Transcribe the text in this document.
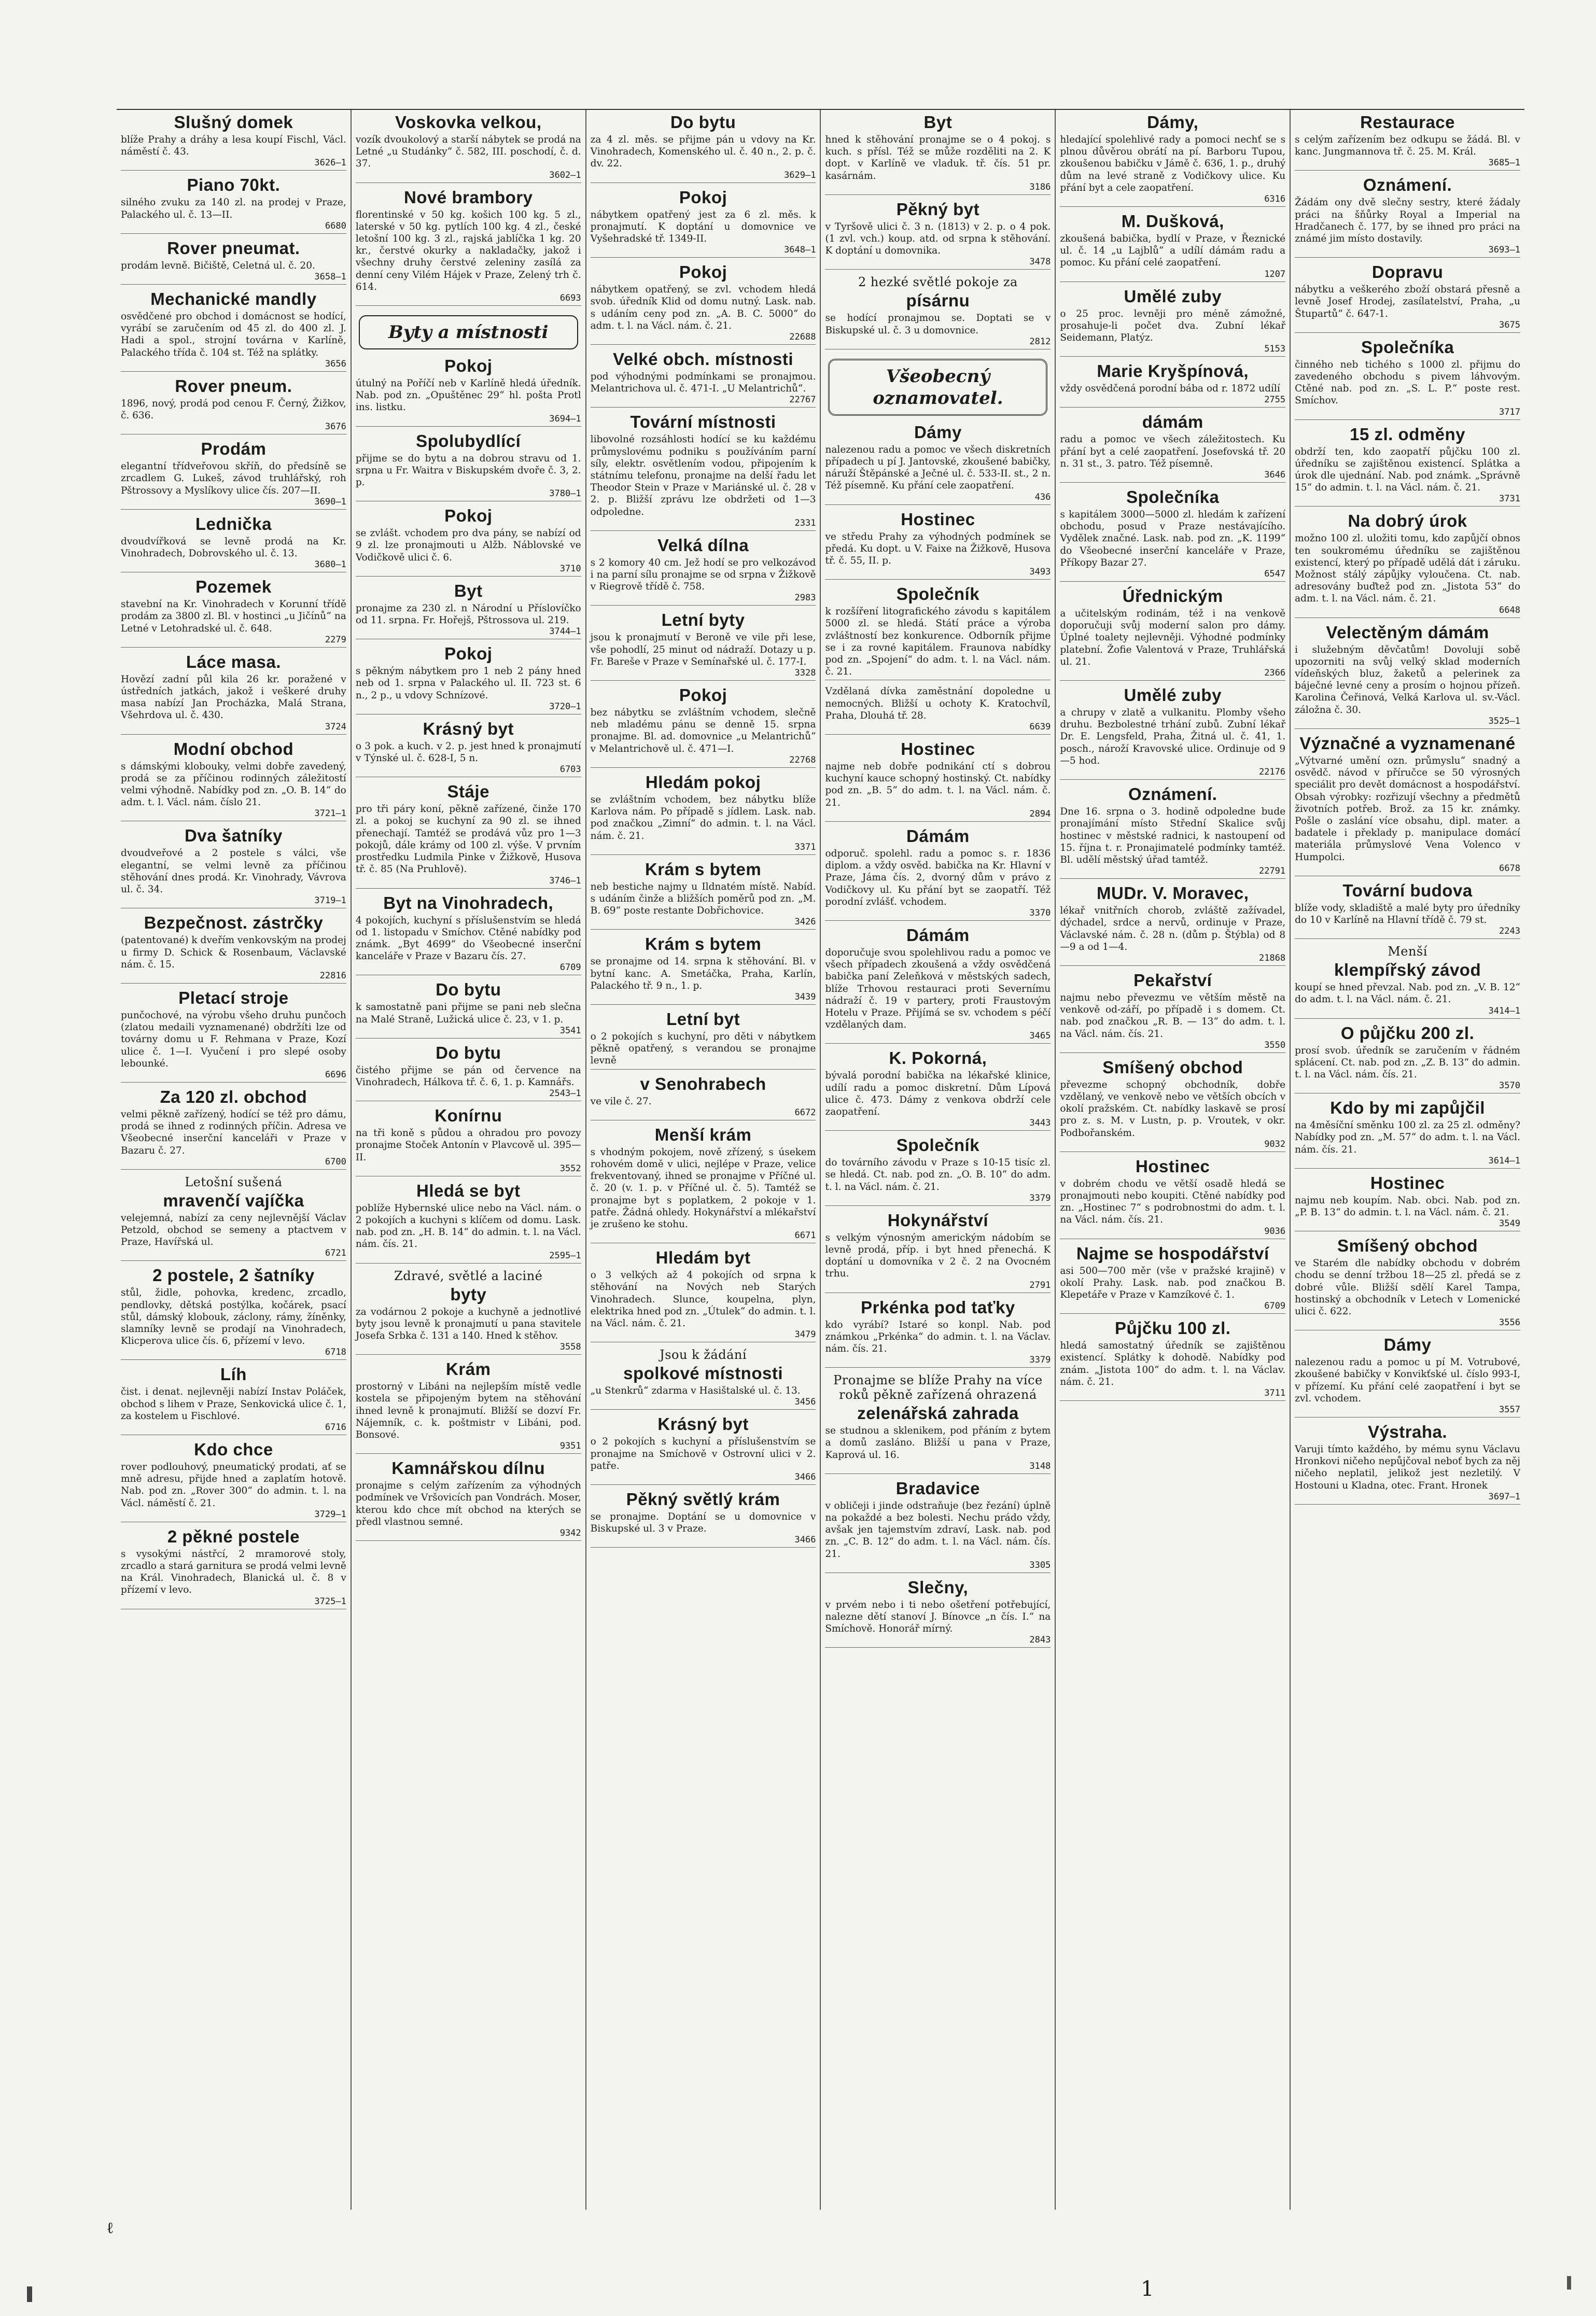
Slušný domek

blíže Prahy a dráhy a lesa koupí Fischl, Václ. náměstí č. 43.

3626—1

Piano 70kt.

silného zvuku za 140 zl. na prodej v Praze, Palackého ul. č. 13—II.

6680

Rover pneumat.

prodám levně. Bičiště, Celetná ul. č. 20.

3658—1

Mechanické mandly

osvědčené pro obchod i domácnost se hodící, vyrábí se zaručením od 45 zl. do 400 zl. J. Hadi a spol., strojní továrna v Karlíně, Palackého třída č. 104 st. Též na splátky.

3656

Rover pneum.

1896, nový, prodá pod cenou F. Černý, Žižkov, č. 636.

3676

Prodám

elegantní třídveřovou skříň, do předsíně se zrcadlem G. Lukeš, závod truhlářský, roh Pštrossovy a Myslíkovy ulice čís. 207—II.

3690—1

Lednička

dvoudvířková se levně prodá na Kr. Vinohradech, Dobrovského ul. č. 13.

3680—1

Pozemek

stavební na Kr. Vinohradech v Korunní třídě prodám za 3800 zl. Bl. v hostinci „u Jičínů“ na Letné v Letohradské ul. č. 648.

2279

Láce masa.

Hovězí zadní půl kila 26 kr. poražené v ústředních jatkách, jakož i veškeré druhy masa nabízí Jan Procházka, Malá Strana, Všehrdova ul. č. 430.

3724

Modní obchod

s dámskými klobouky, velmi dobře zavedený, prodá se za příčinou rodinných záležitostí velmi výhodně. Nabídky pod zn. „O. B. 14“ do adm. t. l. Václ. nám. číslo 21.

3721—1

Dva šatníky

dvoudveřové a 2 postele s válci, vše elegantní, se velmi levně za příčinou stěhování dnes prodá. Kr. Vinohrady, Vávrova ul. č. 34.

3719—1

Bezpečnost. zástrčky

(patentované) k dveřím venkovským na prodej u firmy D. Schick & Rosenbaum, Václavské nám. č. 15.

22816

Pletací stroje

punčochové, na výrobu všeho druhu punčoch (zlatou medaili vyznamenané) obdržíti lze od továrny domu u F. Rehmana v Praze, Kozí ulice č. 1—I. Vyučení i pro slepé osoby lebounké.

6696

Za 120 zl. obchod

velmi pěkně zařízený, hodící se též pro dámu, prodá se ihned z rodinných příčin. Adresa ve Všeobecné inserční kanceláři v Praze v Bazaru č. 27.

6700

Letošní sušená
mravenčí vajíčka

velejemná, nabízí za ceny nejlevnější Václav Petzold, obchod se semeny a ptactvem v Praze, Havířská ul.

6721

2 postele, 2 šatníky

stůl, židle, pohovka, kredenc, zrcadlo, pendlovky, dětská postýlka, kočárek, psací stůl, dámský klobouk, záclony, rámy, žíněnky, slamníky levně se prodají na Vinohradech, Klicperova ulice čís. 6, přízemí v levo.

6718

Líh

čist. i denat. nejlevněji nabízí Instav Poláček, obchod s lihem v Praze, Senkovická ulice č. 1, za kostelem u Fischlové.

6716

Kdo chce

rover podlouhový, pneumatický prodati, ať se mně adresu, přijde hned a zaplatím hotově. Nab. pod zn. „Rover 300“ do admin. t. l. na Václ. náměstí č. 21.

3729—1

2 pěkné postele

s vysokými nástřcí, 2 mramorové stoly, zrcadlo a stará garnitura se prodá velmi levně na Král. Vinohradech, Blanická ul. č. 8 v přízemí v levo.

3725—1

Voskovka velkou,

vozík dvoukolový a starší nábytek se prodá na Letné „u Studánky“ č. 582, III. poschodí, č. d. 37.

3602—1

Nové brambory

florentinské v 50 kg. košich 100 kg. 5 zl., laterské v 50 kg. pytlích 100 kg. 4 zl., české letošní 100 kg. 3 zl., rajská jablíčka 1 kg. 20 kr., čerstvé okurky a nakladačky, jakož i všechny druhy čerstvé zeleniny zasílá za denní ceny Vilém Hájek v Praze, Zelený trh č. 614.

6693

Byty a místnosti
Pokoj

útulný na Poříčí neb v Karlíně hledá úředník. Nab. pod zn. „Opuštěnec 29“ hl. pošta Protl ins. listku.

3694—1

Spolubydlící

přijme se do bytu a na dobrou stravu od 1. srpna u Fr. Waitra v Biskupském dvoře č. 3, 2. p.

3780—1

Pokoj

se zvlášt. vchodem pro dva pány, se nabízí od 9 zl. lze pronajmouti u Alžb. Náblovské ve Vodičkově ulici č. 6.

3710

Byt

pronajme za 230 zl. n Národní u Příslovíčko od 11. srpna. Fr. Hořejš, Pštrossova ul. 219.

3744—1

Pokoj

s pěkným nábytkem pro 1 neb 2 pány hned neb od 1. srpna v Palackého ul. II. 723 st. 6 n., 2 p., u vdovy Schnízové.

3720—1

Krásný byt

o 3 pok. a kuch. v 2. p. jest hned k pronajmutí v Týnské ul. č. 628-I, 5 n.

6703

Stáje

pro tři páry koní, pěkně zařízené, činže 170 zl. a pokoj se kuchyní za 90 zl. se ihned přenechají. Tamtéž se prodává vůz pro 1—3 pokojů, dále krámy od 100 zl. výše. V prvním prostředku Ludmila Pinke v Žižkově, Husova tř. č. 85 (Na Pruhlově).

3746—1

Byt na Vinohradech,

4 pokojích, kuchyní s příslušenstvím se hledá od 1. listopadu v Smíchov. Ctěné nabídky pod známk. „Byt 4699“ do Všeobecné inserční kanceláře v Praze v Bazaru čís. 27.

6709

Do bytu

k samostatně pani přijme se pani neb slečna na Malé Straně, Lužická ulice č. 23, v 1. p.

3541

Do bytu

čistého přijme se pán od července na Vinohradech, Hálkova tř. č. 6, 1. p. Kamnářs.

2543—1

Konírnu

na tři koně s půdou a ohradou pro povozy pronajme Stoček Antonín v Plavcově ul. 395—II.

3552

Hledá se byt

poblíže Hybernské ulice nebo na Václ. nám. o 2 pokojích a kuchyni s klíčem od domu. Lask. nab. pod zn. „H. B. 14“ do admin. t. l. na Václ. nám. čís. 21.

2595—1

Zdravé, světlé a laciné
byty

za vodárnou 2 pokoje a kuchyně a jednotlivé byty jsou levně k pronajmutí u pana stavitele Josefa Srbka č. 131 a 140. Hned k stěhov.

3558

Krám

prostorný v Libáni na nejlepším místě vedle kostela se připojeným bytem na stěhování ihned levně k pronajmutí. Bližší se dozví Fr. Nájemník, c. k. poštmistr v Libáni, pod. Bonsové.

9351

Kamnářskou dílnu

pronajme s celým zařízením za výhodných podmínek ve Vršovicích pan Vondrách. Moser, kterou kdo chce mít obchod na kterých se předl vlastnou semné.

9342

Do bytu

za 4 zl. měs. se přijme pán u vdovy na Kr. Vinohradech, Komenského ul. č. 40 n., 2. p. č. dv. 22.

3629—1

Pokoj

nábytkem opatřený jest za 6 zl. měs. k pronajmutí. K doptání u domovnice ve Vyšehradské tř. 1349-II.

3648—1

Pokoj

nábytkem opatřený, se zvl. vchodem hledá svob. úředník Klid od domu nutný. Lask. nab. s udáním ceny pod zn. „A. B. C. 5000“ do adm. t. l. na Václ. nám. č. 21.

22688

Velké obch. místnosti

pod výhodnými podmínkami se pronajmou. Melantrichova ul. č. 471-I. „U Melantrichů“.

22767

Tovární místnosti

libovolné rozsáhlosti hodící se ku každému průmyslovému podniku s používáním parní síly, elektr. osvětlením vodou, připojením k státnímu telefonu, pronajme na delší řadu let Theodor Stein v Praze v Mariánské ul. č. 28 v 2. p. Bližší zprávu lze obdržeti od 1—3 odpoledne.

2331

Velká dílna

s 2 komory 40 cm. Jež hodí se pro velkozávod i na parní sílu pronajme se od srpna v Žižkově v Riegrově třídě č. 758.

2983

Letní byty

jsou k pronajmutí v Beroně ve vile při lese, vše pohodlí, 25 minut od nádraží. Dotazy u p. Fr. Bareše v Praze v Semínařské ul. č. 177-I.

3328

Pokoj

bez nábytku se zvláštním vchodem, slečně neb mladému pánu se denně 15. srpna pronajme. Bl. ad. domovnice „u Melantrichů“ v Melantrichově ul. č. 471—I.

22768

Hledám pokoj

se zvláštním vchodem, bez nábytku blíže Karlova nám. Po případě s jídlem. Lask. nab. pod značkou „Zimní“ do admin. t. l. na Václ. nám. č. 21.

3371

Krám s bytem

neb bestiche najmy u Ildnatém místě. Nabíd. s udáním činže a bližších poměrů pod zn. „M. B. 69“ poste restante Dobřichovice.

3426

Krám s bytem

se pronajme od 14. srpna k stěhování. Bl. v bytní kanc. A. Smetáčka, Praha, Karlín, Palackého tř. 9 n., 1. p.

3439

Letní byt

o 2 pokojích s kuchyní, pro děti v nábytkem pěkně opatřený, s verandou se pronajme levně

v Senohrabech

ve vile č. 27.

6672

Menší krám

s vhodným pokojem, nově zřízený, s úsekem rohovém domě v ulici, nejlépe v Praze, velice frekventovaný, ihned se pronajme v Příčné ul. č. 20 (v. 1. p. v Příčné ul. č. 5). Tamtéž se pronajme byt s poplatkem, 2 pokoje v 1. patře. Žádná ohledy. Hokynářství a mlékařství je zrušeno ke stohu.

6671

Hledám byt

o 3 velkých až 4 pokojích od srpna k stěhování na Nových neb Starých Vinohradech. Slunce, koupelna, plyn, elektrika hned pod zn. „Útulek“ do admin. t. l. na Václ. nám. č. 21.

3479

Jsou k žádání
spolkové místnosti

„u Stenkrů“ zdarma v Hasištalské ul. č. 13.

3456

Krásný byt

o 2 pokojích s kuchyní a příslušenstvím se pronajme na Smíchově v Ostrovní ulici v 2. patře.

3466

Pěkný světlý krám

se pronajme. Doptání se u domovnice v Biskupské ul. 3 v Praze.

3466

Byt

hned k stěhování pronajme se o 4 pokoj. s kuch. s přísl. Též se může rozděliti na 2. K dopt. v Karlíně ve vladuk. tř. čís. 51 pr. kasárnám.

3186

Pěkný byt

v Tyršově ulici č. 3 n. (1813) v 2. p. o 4 pok. (1 zvl. vch.) koup. atd. od srpna k stěhování. K doptání u domovnika.

3478

2 hezké světlé pokoje za
písárnu

se hodící pronajmou se. Doptati se v Biskupské ul. č. 3 u domovnice.

2812

Všeobecný oznamovatel.
Dámy

nalezenou radu a pomoc ve všech diskretních případech u pí J. Jantovské, zkoušené babičky, náruží Štěpánské a Ječné ul. č. 533-II. st., 2 n. Též písemně. Ku přání cele zaopatření.

436

Hostinec

ve středu Prahy za výhodných podmínek se předá. Ku dopt. u V. Faixe na Žižkově, Husova tř. č. 55, II. p.

3493

Společník

k rozšíření litografického závodu s kapitálem 5000 zl. se hledá. Státí práce a výroba zvláštností bez konkurence. Odborník přijme se i za rovné kapitálem. Fraunova nabídky pod zn. „Spojení“ do adm. t. l. na Václ. nám. č. 21.

Vzdělaná dívka zaměstnání dopoledne u nemocných. Bližší u ochoty K. Kratochvíl, Praha, Dlouhá tř. 28.

6639

Hostinec

najme neb dobře podnikání ctí s dobrou kuchyní kauce schopný hostinský. Ct. nabídky pod zn. „B. 5“ do adm. t. l. na Václ. nám. č. 21.

2894

Dámám

odporuč. spolehl. radu a pomoc s. r. 1836 diplom. a vždy osvěd. babička na Kr. Hlavní v Praze, Jáma čís. 2, dvorný dům v právo z Vodičkovy ul. Ku přání byt se zaopatří. Též porodní zvlášť. vchodem.

3370

Dámám

doporučuje svou spolehlivou radu a pomoc ve všech případech zkoušená a vždy osvědčená babička paní Zeleňková v městských sadech, blíže Trhovou restauraci proti Severnímu nádraží č. 19 v partery, proti Fraustovým Hotelu v Praze. Přijímá se sv. vchodem s péčí vzdělaných dam.

3465

K. Pokorná,

bývalá porodní babička na lékařské klinice, udílí radu a pomoc diskretní. Dům Lípová ulice č. 473. Dámy z venkova obdrží cele zaopatření.

3443

Společník

do továrního závodu v Praze s 10-15 tisíc zl. se hledá. Ct. nab. pod zn. „O. B. 10“ do adm. t. l. na Václ. nám. č. 21.

3379

Hokynářství

s velkým výnosným americkým nádobím se levně prodá, příp. i byt hned přenechá. K doptání u domovníka v 2 č. 2 na Ovocném trhu.

2791

Prkénka pod taťky

kdo vyrábí? Istaré so konpl. Nab. pod známkou „Prkénka“ do admin. t. l. na Václav. nám. čís. 21.

3379

Pronajme se blíže Prahy na více roků pěkně zařízená ohrazená
zelenářská zahrada

se studnou a sklenikem, pod přáním z bytem a domů zasláno. Bližší u pana v Praze, Kaprová ul. 16.

3148

Bradavice

v obličeji i jinde odstraňuje (bez řezání) úplně na pokaždé a bez bolesti. Nechu prádo vždy, avšak jen tajemstvím zdraví, Lask. nab. pod zn. „C. B. 12“ do adm. t. l. na Václ. nám. čís. 21.

3305

Slečny,

v prvém nebo i ti nebo ošetření potřebující, nalezne dětí stanoví J. Bínovce „n čís. I.“ na Smíchově. Honorář mírný.

2843

Dámy,

hledající spolehlivé rady a pomoci nechť se s plnou důvěrou obrátí na pí. Barboru Tupou, zkoušenou babičku v Jámě č. 636, 1. p., druhý dům na levé straně z Vodičkovy ulice. Ku přání byt a cele zaopatření.

6316

M. Dušková,

zkoušená babička, bydlí v Praze, v Řeznické ul. č. 14 „u Lajblů“ a udílí dámám radu a pomoc. Ku přání celé zaopatření.

1207

Umělé zuby

o 25 proc. levněji pro méně zámožné, prosahuje-li počet dva. Zubní lékař Seidemann, Platýz.

5153

Marie Kryšpínová,

vždy osvědčená porodní bába od r. 1872 udílí

2755

dámám

radu a pomoc ve všech záležitostech. Ku přání byt a celé zaopatření. Josefovská tř. 20 n. 31 st., 3. patro. Též písemně.

3646

Společníka

s kapitálem 3000—5000 zl. hledám k zařízení obchodu, posud v Praze nestávajícího. Vydělek značné. Lask. nab. pod zn. „K. 1199“ do Všeobecné inserční kanceláře v Praze, Příkopy Bazar 27.

6547

Úřednickým

a učitelským rodinám, též i na venkově doporučuji svůj moderní salon pro dámy. Úplné toalety nejlevněji. Výhodné podmínky platební. Žofie Valentová v Praze, Truhlářská ul. 21.

2366

Umělé zuby

a chrupy v zlatě a vulkanitu. Plomby všeho druhu. Bezbolestné trhání zubů. Zubní lékař Dr. E. Lengsfeld, Praha, Žitná ul. č. 41, 1. posch., nároží Kravovské ulice. Ordinuje od 9—5 hod.

22176

Oznámení.

Dne 16. srpna o 3. hodině odpoledne bude pronajímání místo Střední Skalice svůj hostinec v městské radnici, k nastoupení od 15. října t. r. Pronajimatelé podmínky tamtéž. Bl. udělí městský úřad tamtéž.

22791

MUDr. V. Moravec,

lékař vnitřních chorob, zvláště zažívadel, dýchadel, srdce a nervů, ordinuje v Praze, Václavské nám. č. 28 n. (dům p. Štýbla) od 8—9 a od 1—4.

21868

Pekařství

najmu nebo převezmu ve větším městě na venkově od-září, po případě i s domem. Ct. nab. pod značkou „R. B. — 13“ do adm. t. l. na Václ. nám. čís. 21.

3550

Smíšený obchod

převezme schopný obchodník, dobře vzdělaný, ve venkově nebo ve větších obcích v okolí pražském. Ct. nabídky laskavě se prosí pro z. s. M. v Lustn, p. p. Vroutek, v okr. Podbořanském.

9032

Hostinec

v dobrém chodu ve větší osadě hledá se pronajmouti nebo koupiti. Ctěné nabídky pod zn. „Hostinec 7“ s podrobnostmi do adm. t. l. na Václ. nám. čís. 21.

9036

Najme se hospodářství

asi 500—700 měr (vše v pražské krajině) v okolí Prahy. Lask. nab. pod značkou B. Klepetáře v Praze v Kamzíkové č. 1.

6709

Půjčku 100 zl.

hledá samostatný úředník se zajištěnou existencí. Splátky k dohodě. Nabídky pod znám. „Jistota 100“ do adm. t. l. na Václav. nám. č. 21.

3711

Restaurace

s celým zařízením bez odkupu se žádá. Bl. v kanc. Jungmannova tř. č. 25. M. Král.

3685—1

Oznámení.

Žádám ony dvě slečny sestry, které žádaly práci na šňůrky Royal a Imperial na Hradčanech č. 177, by se ihned pro práci na známé jim místo dostavily.

3693—1

Dopravu

nábytku a veškerého zboží obstará přesně a levně Josef Hrodej, zasílatelství, Praha, „u Štupartů“ č. 647-1.

3675

Společníka

činného neb tichého s 1000 zl. přijmu do zavedeného obchodu s pivem láhvovým. Ctěné nab. pod zn. „S. L. P.“ poste rest. Smíchov.

3717

15 zl. odměny

obdrží ten, kdo zaopatří půjčku 100 zl. úředníku se zajištěnou existencí. Splátka a úrok dle ujednání. Nab. pod známk. „Správně 15“ do admin. t. l. na Václ. nám. č. 21.

3731

Na dobrý úrok

možno 100 zl. uložiti tomu, kdo zapůjčí obnos ten soukromému úředníku se zajištěnou existencí, který po případě udělá dát i záruku. Možnost stálý zápůjky vyloučena. Ct. nab. adresovány buďtež pod zn. „Jistota 53“ do adm. t. l. na Václ. nám. č. 21.

6648

Velectěným dámám

i služebným děvčatům! Dovoluji sobě upozorniti na svůj velký sklad moderních vídeňských bluz, žaketů a pelerinek za báječné levné ceny a prosím o hojnou přízeň. Karolina Čeřinová, Velká Karlova ul. sv.-Václ. záložna č. 30.

3525—1

Význačné a vyznamenané

„Výtvarné umění ozn. průmyslu“ snadný a osvědč. návod v příručce se 50 výrosných speciálit pro devět domácnost a hospodářství. Obsah výrobky: rozřizují všechny a předmětů životních potřeb. Brož. za 15 kr. známky. Pošle o zaslání více obsahu, dipl. mater. a badatele i překlady p. manipulace domácí materiála průmyslové Vena Volenco v Humpolci.

6678

Tovární budova

blíže vody, skladiště a malé byty pro úředníky do 10 v Karlíně na Hlavní třídě č. 79 st.

2243

Menší
klempířský závod

koupí se hned převzal. Nab. pod zn. „V. B. 12“ do adm. t. l. na Václ. nám. č. 21.

3414—1

O půjčku 200 zl.

prosí svob. úředník se zaručením v řádném splácení. Ct. nab. pod zn. „Z. B. 13“ do admin. t. l. na Václ. nám. čís. 21.

3570

Kdo by mi zapůjčil

na 4měsíční směnku 100 zl. za 25 zl. odměny? Nabídky pod zn. „M. 57“ do adm. t. l. na Václ. nám. čís. 21.

3614—1

Hostinec

najmu neb koupím. Nab. obci. Nab. pod zn. „P. B. 13“ do admin. t. l. na Václ. nám. č. 21.

3549

Smíšený obchod

ve Starém dle nabídky obchodu v dobrém chodu se denní tržbou 18—25 zl. předá se z dobré vůle. Bližší sdělí Karel Tampa, hostinský a obchodník v Letech v Lomenické ulici č. 622.

3556

Dámy

nalezenou radu a pomoc u pí M. Votrubové, zkoušené babičky v Konvikťské ul. číslo 993-I, v přízemí. Ku přání celé zaopatření i byt se zvl. vchodem.

3557

Výstraha.

Varuji tímto každého, by mému synu Václavu Hronkovi ničeho nepůjčoval neboť bych za něj ničeho neplatil, jelikož jest nezletilý. V Hostouni u Kladna, otec. Frant. Hronek

3697—1

ℓ
1
